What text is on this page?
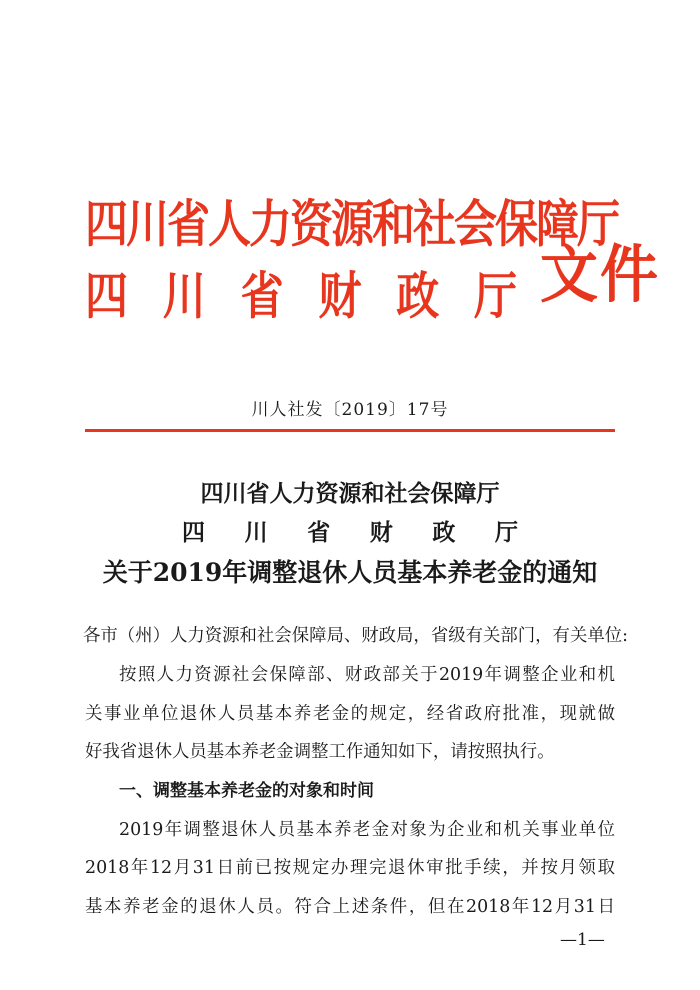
四川省人力资源和社会保障厅
四 川 省 财 政 厅 文件
川人社发〔2019〕17号
四川省人力资源和社会保障厅
四 川 省 财 政 厅
关于2019年调整退休人员基本养老金的通知
各市（州）人力资源和社会保障局、财政局，省级有关部门，有关单位:
按照人力资源社会保障部、财政部关于2019年调整企业和机
关事业单位退休人员基本养老金的规定，经省政府批准，现就做
好我省退休人员基本养老金调整工作通知如下，请按照执行。
一、调整基本养老金的对象和时间
2019年调整退休人员基本养老金对象为企业和机关事业单位
2018年12月31日前已按规定办理完退休审批手续，并按月领取
基本养老金的退休人员。符合上述条件，但在2018年12月31日
—1—
